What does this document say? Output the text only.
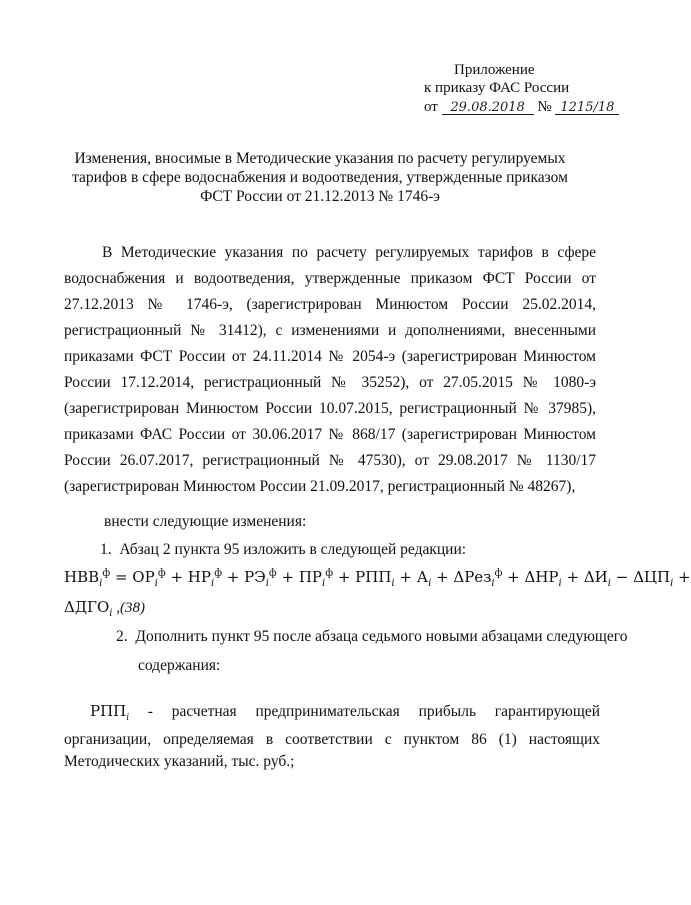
Приложение
к приказу ФАС России
от 29.08.2018 № 1215/18
Изменения, вносимые в Методические указания по расчету регулируемых тарифов в сфере водоснабжения и водоотведения, утвержденные приказом ФСТ России от 21.12.2013 № 1746-э
В Методические указания по расчету регулируемых тарифов в сфере водоснабжения и водоотведения, утвержденные приказом ФСТ России от 27.12.2013 № 1746-э, (зарегистрирован Минюстом России 25.02.2014, регистрационный № 31412), с изменениями и дополнениями, внесенными приказами ФСТ России от 24.11.2014 № 2054-э (зарегистрирован Минюстом России 17.12.2014, регистрационный № 35252), от 27.05.2015 № 1080-э (зарегистрирован Минюстом России 10.07.2015, регистрационный № 37985), приказами ФАС России от 30.06.2017 № 868/17 (зарегистрирован Минюстом России 26.07.2017, регистрационный № 47530), от 29.08.2017 № 1130/17 (зарегистрирован Минюстом России 21.09.2017, регистрационный № 48267),
внести следующие изменения:
1. Абзац 2 пункта 95 изложить в следующей редакции:
$НВВ_i^ф = ОР_i^ф + НР_i^ф + РЭ_i^ф + ПР_i^ф + РПП_i + А_i + \Delta Рез_i^ф + \Delta НР_i + \Delta И_i - \Delta ЦП_i$ +
$\Delta ДГО_i$ ,(38)
2. Дополнить пункт 95 после абзаца седьмого новыми абзацами следующего
содержания:
$РПП_i$ - расчетная предпринимательская прибыль гарантирующей организации, определяемая в соответствии с пунктом 86 (1) настоящих Методических указаний, тыс. руб.;
